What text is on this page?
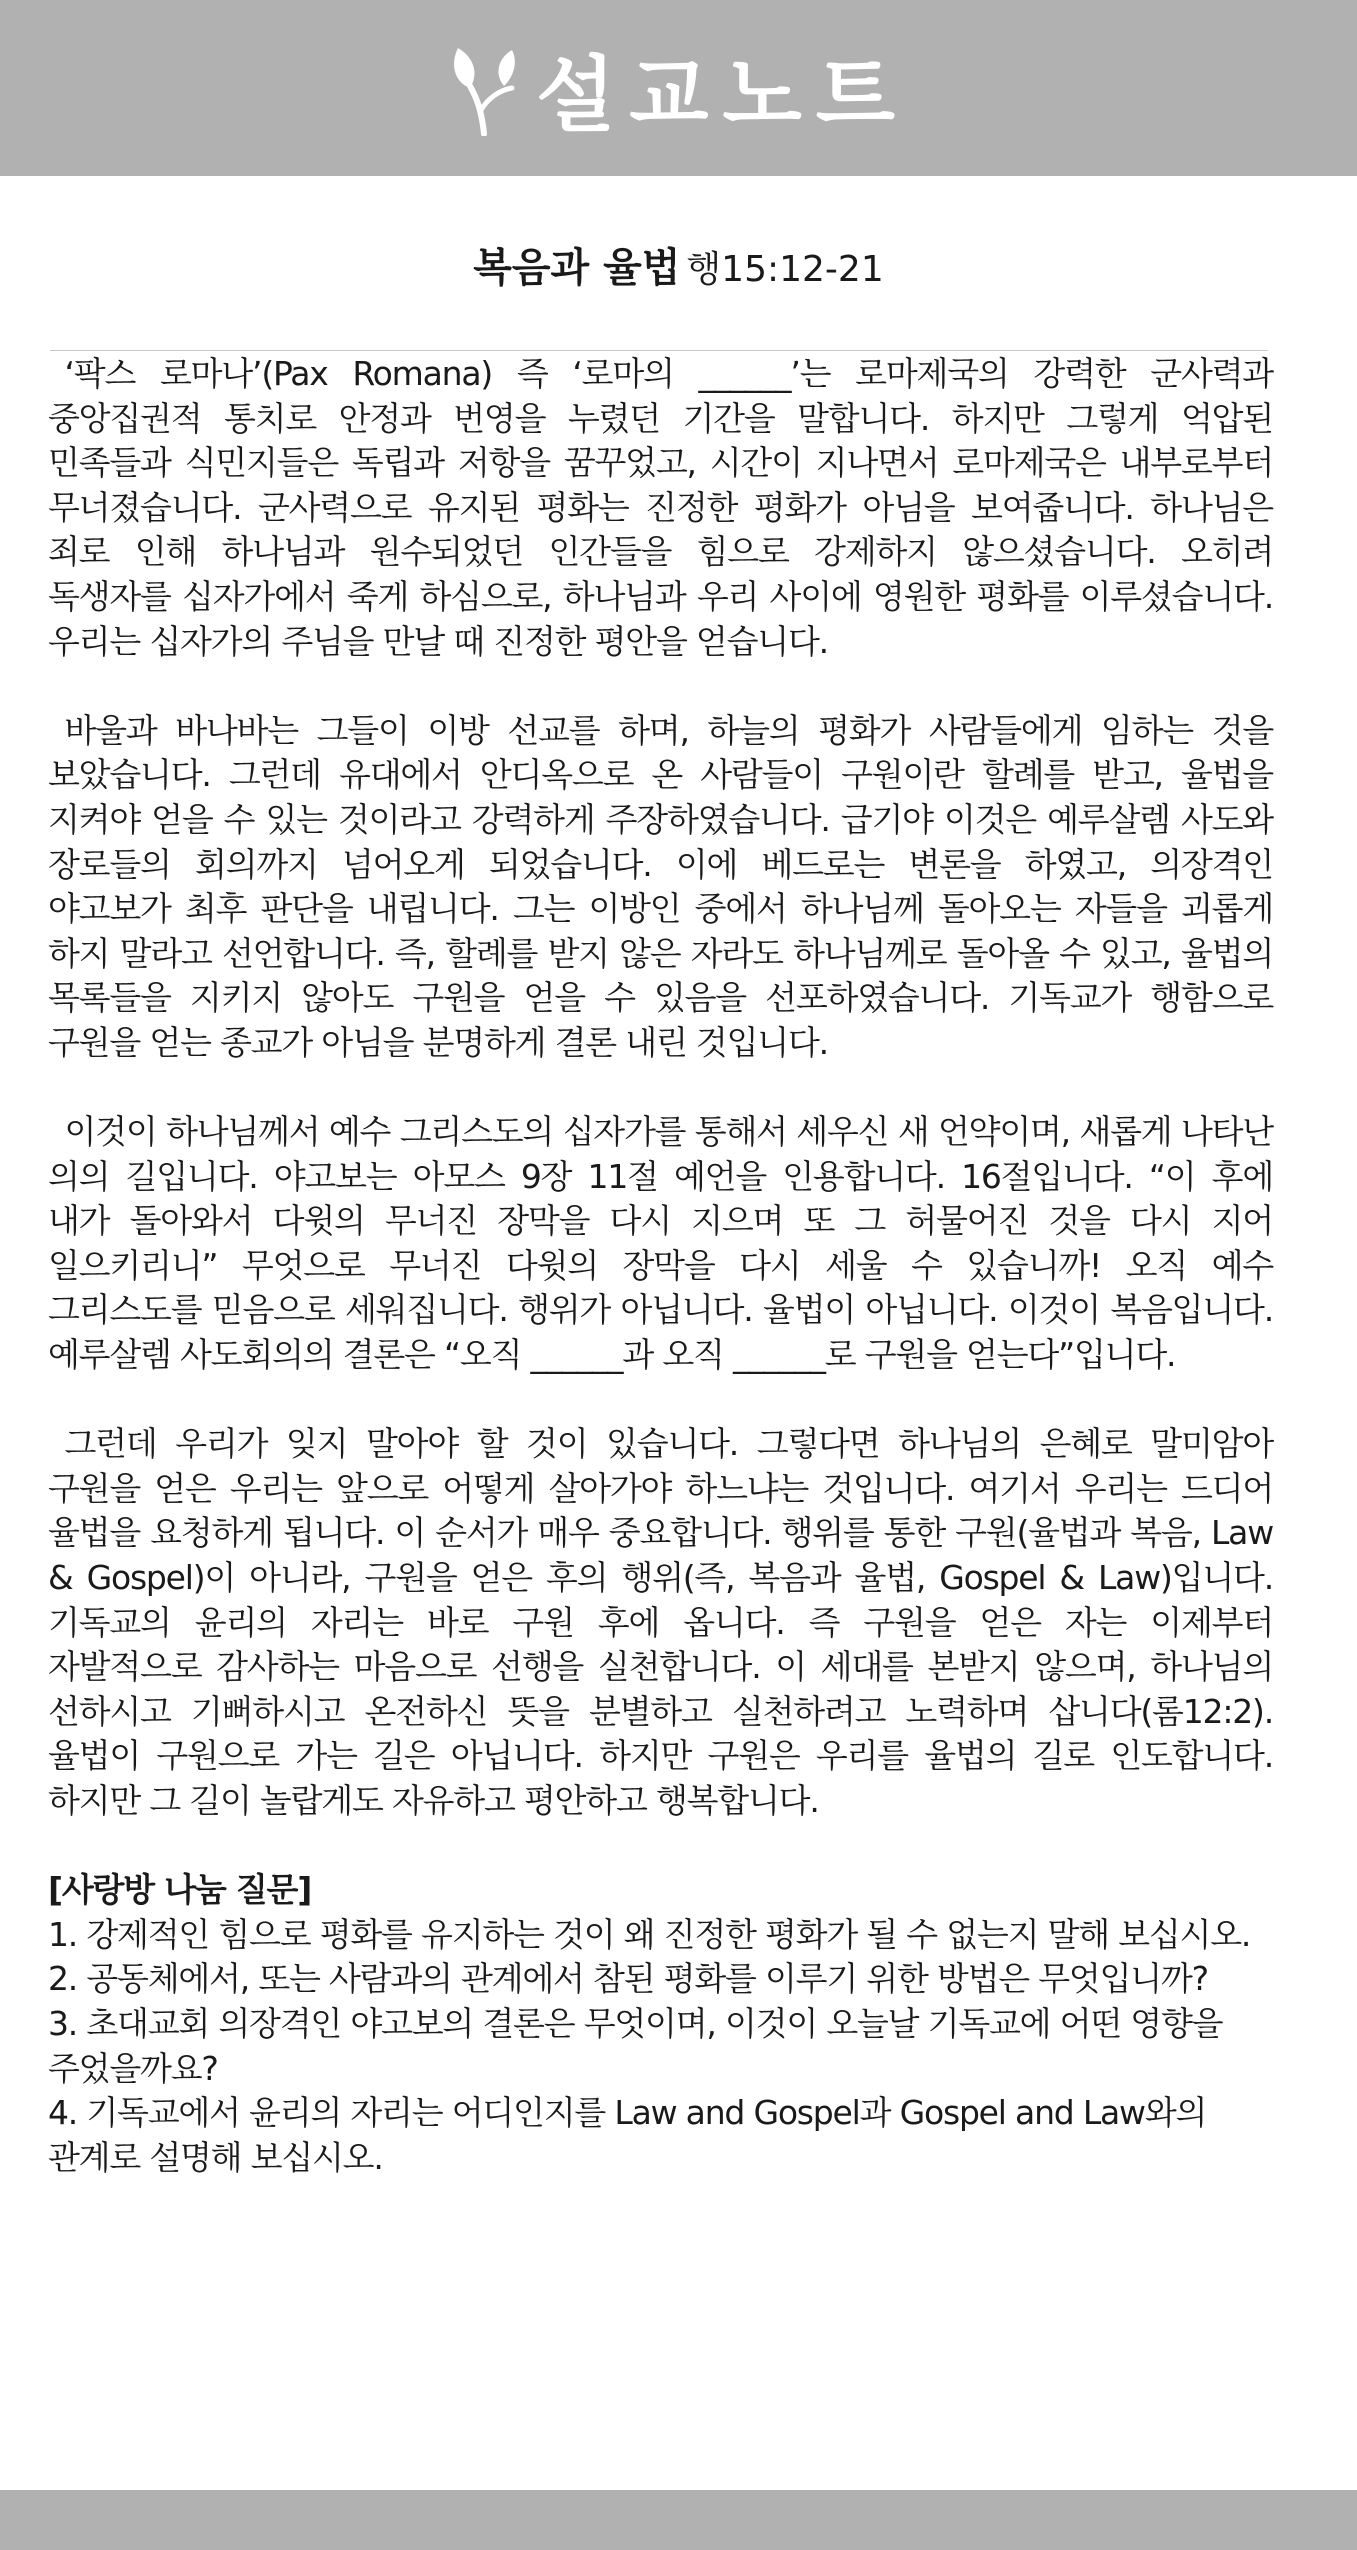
설교노트
복음과 율법 행15:12-21

‘팍스 로마나’(Pax Romana) 즉 ‘로마의 ______’는 로마제국의 강력한 군사력과 중앙집권적 통치로 안정과 번영을 누렸던 기간을 말합니다. 하지만 그렇게 억압된 민족들과 식민지들은 독립과 저항을 꿈꾸었고, 시간이 지나면서 로마제국은 내부로부터 무너졌습니다. 군사력으로 유지된 평화는 진정한 평화가 아님을 보여줍니다. 하나님은 죄로 인해 하나님과 원수되었던 인간들을 힘으로 강제하지 않으셨습니다. 오히려 독생자를 십자가에서 죽게 하심으로, 하나님과 우리 사이에 영원한 평화를 이루셨습니다. 우리는 십자가의 주님을 만날 때 진정한 평안을 얻습니다.

바울과 바나바는 그들이 이방 선교를 하며, 하늘의 평화가 사람들에게 임하는 것을 보았습니다. 그런데 유대에서 안디옥으로 온 사람들이 구원이란 할례를 받고, 율법을 지켜야 얻을 수 있는 것이라고 강력하게 주장하였습니다. 급기야 이것은 예루살렘 사도와 장로들의 회의까지 넘어오게 되었습니다. 이에 베드로는 변론을 하였고, 의장격인 야고보가 최후 판단을 내립니다. 그는 이방인 중에서 하나님께 돌아오는 자들을 괴롭게 하지 말라고 선언합니다. 즉, 할례를 받지 않은 자라도 하나님께로 돌아올 수 있고, 율법의 목록들을 지키지 않아도 구원을 얻을 수 있음을 선포하였습니다. 기독교가 행함으로 구원을 얻는 종교가 아님을 분명하게 결론 내린 것입니다.

이것이 하나님께서 예수 그리스도의 십자가를 통해서 세우신 새 언약이며, 새롭게 나타난 의의 길입니다. 야고보는 아모스 9장 11절 예언을 인용합니다. 16절입니다. “이 후에 내가 돌아와서 다윗의 무너진 장막을 다시 지으며 또 그 허물어진 것을 다시 지어 일으키리니” 무엇으로 무너진 다윗의 장막을 다시 세울 수 있습니까! 오직 예수 그리스도를 믿음으로 세워집니다. 행위가 아닙니다. 율법이 아닙니다. 이것이 복음입니다. 예루살렘 사도회의의 결론은 “오직 ______과 오직 ______로 구원을 얻는다”입니다.

그런데 우리가 잊지 말아야 할 것이 있습니다. 그렇다면 하나님의 은혜로 말미암아 구원을 얻은 우리는 앞으로 어떻게 살아가야 하느냐는 것입니다. 여기서 우리는 드디어 율법을 요청하게 됩니다. 이 순서가 매우 중요합니다. 행위를 통한 구원(율법과 복음, Law & Gospel)이 아니라, 구원을 얻은 후의 행위(즉, 복음과 율법, Gospel & Law)입니다. 기독교의 윤리의 자리는 바로 구원 후에 옵니다. 즉 구원을 얻은 자는 이제부터 자발적으로 감사하는 마음으로 선행을 실천합니다. 이 세대를 본받지 않으며, 하나님의 선하시고 기뻐하시고 온전하신 뜻을 분별하고 실천하려고 노력하며 삽니다(롬12:2). 율법이 구원으로 가는 길은 아닙니다. 하지만 구원은 우리를 율법의 길로 인도합니다. 하지만 그 길이 놀랍게도 자유하고 평안하고 행복합니다.

[사랑방 나눔 질문]

1. 강제적인 힘으로 평화를 유지하는 것이 왜 진정한 평화가 될 수 없는지 말해 보십시오.

2. 공동체에서, 또는 사람과의 관계에서 참된 평화를 이루기 위한 방법은 무엇입니까?

3. 초대교회 의장격인 야고보의 결론은 무엇이며, 이것이 오늘날 기독교에 어떤 영향을 주었을까요?

4. 기독교에서 윤리의 자리는 어디인지를 Law and Gospel과 Gospel and Law와의 관계로 설명해 보십시오.
